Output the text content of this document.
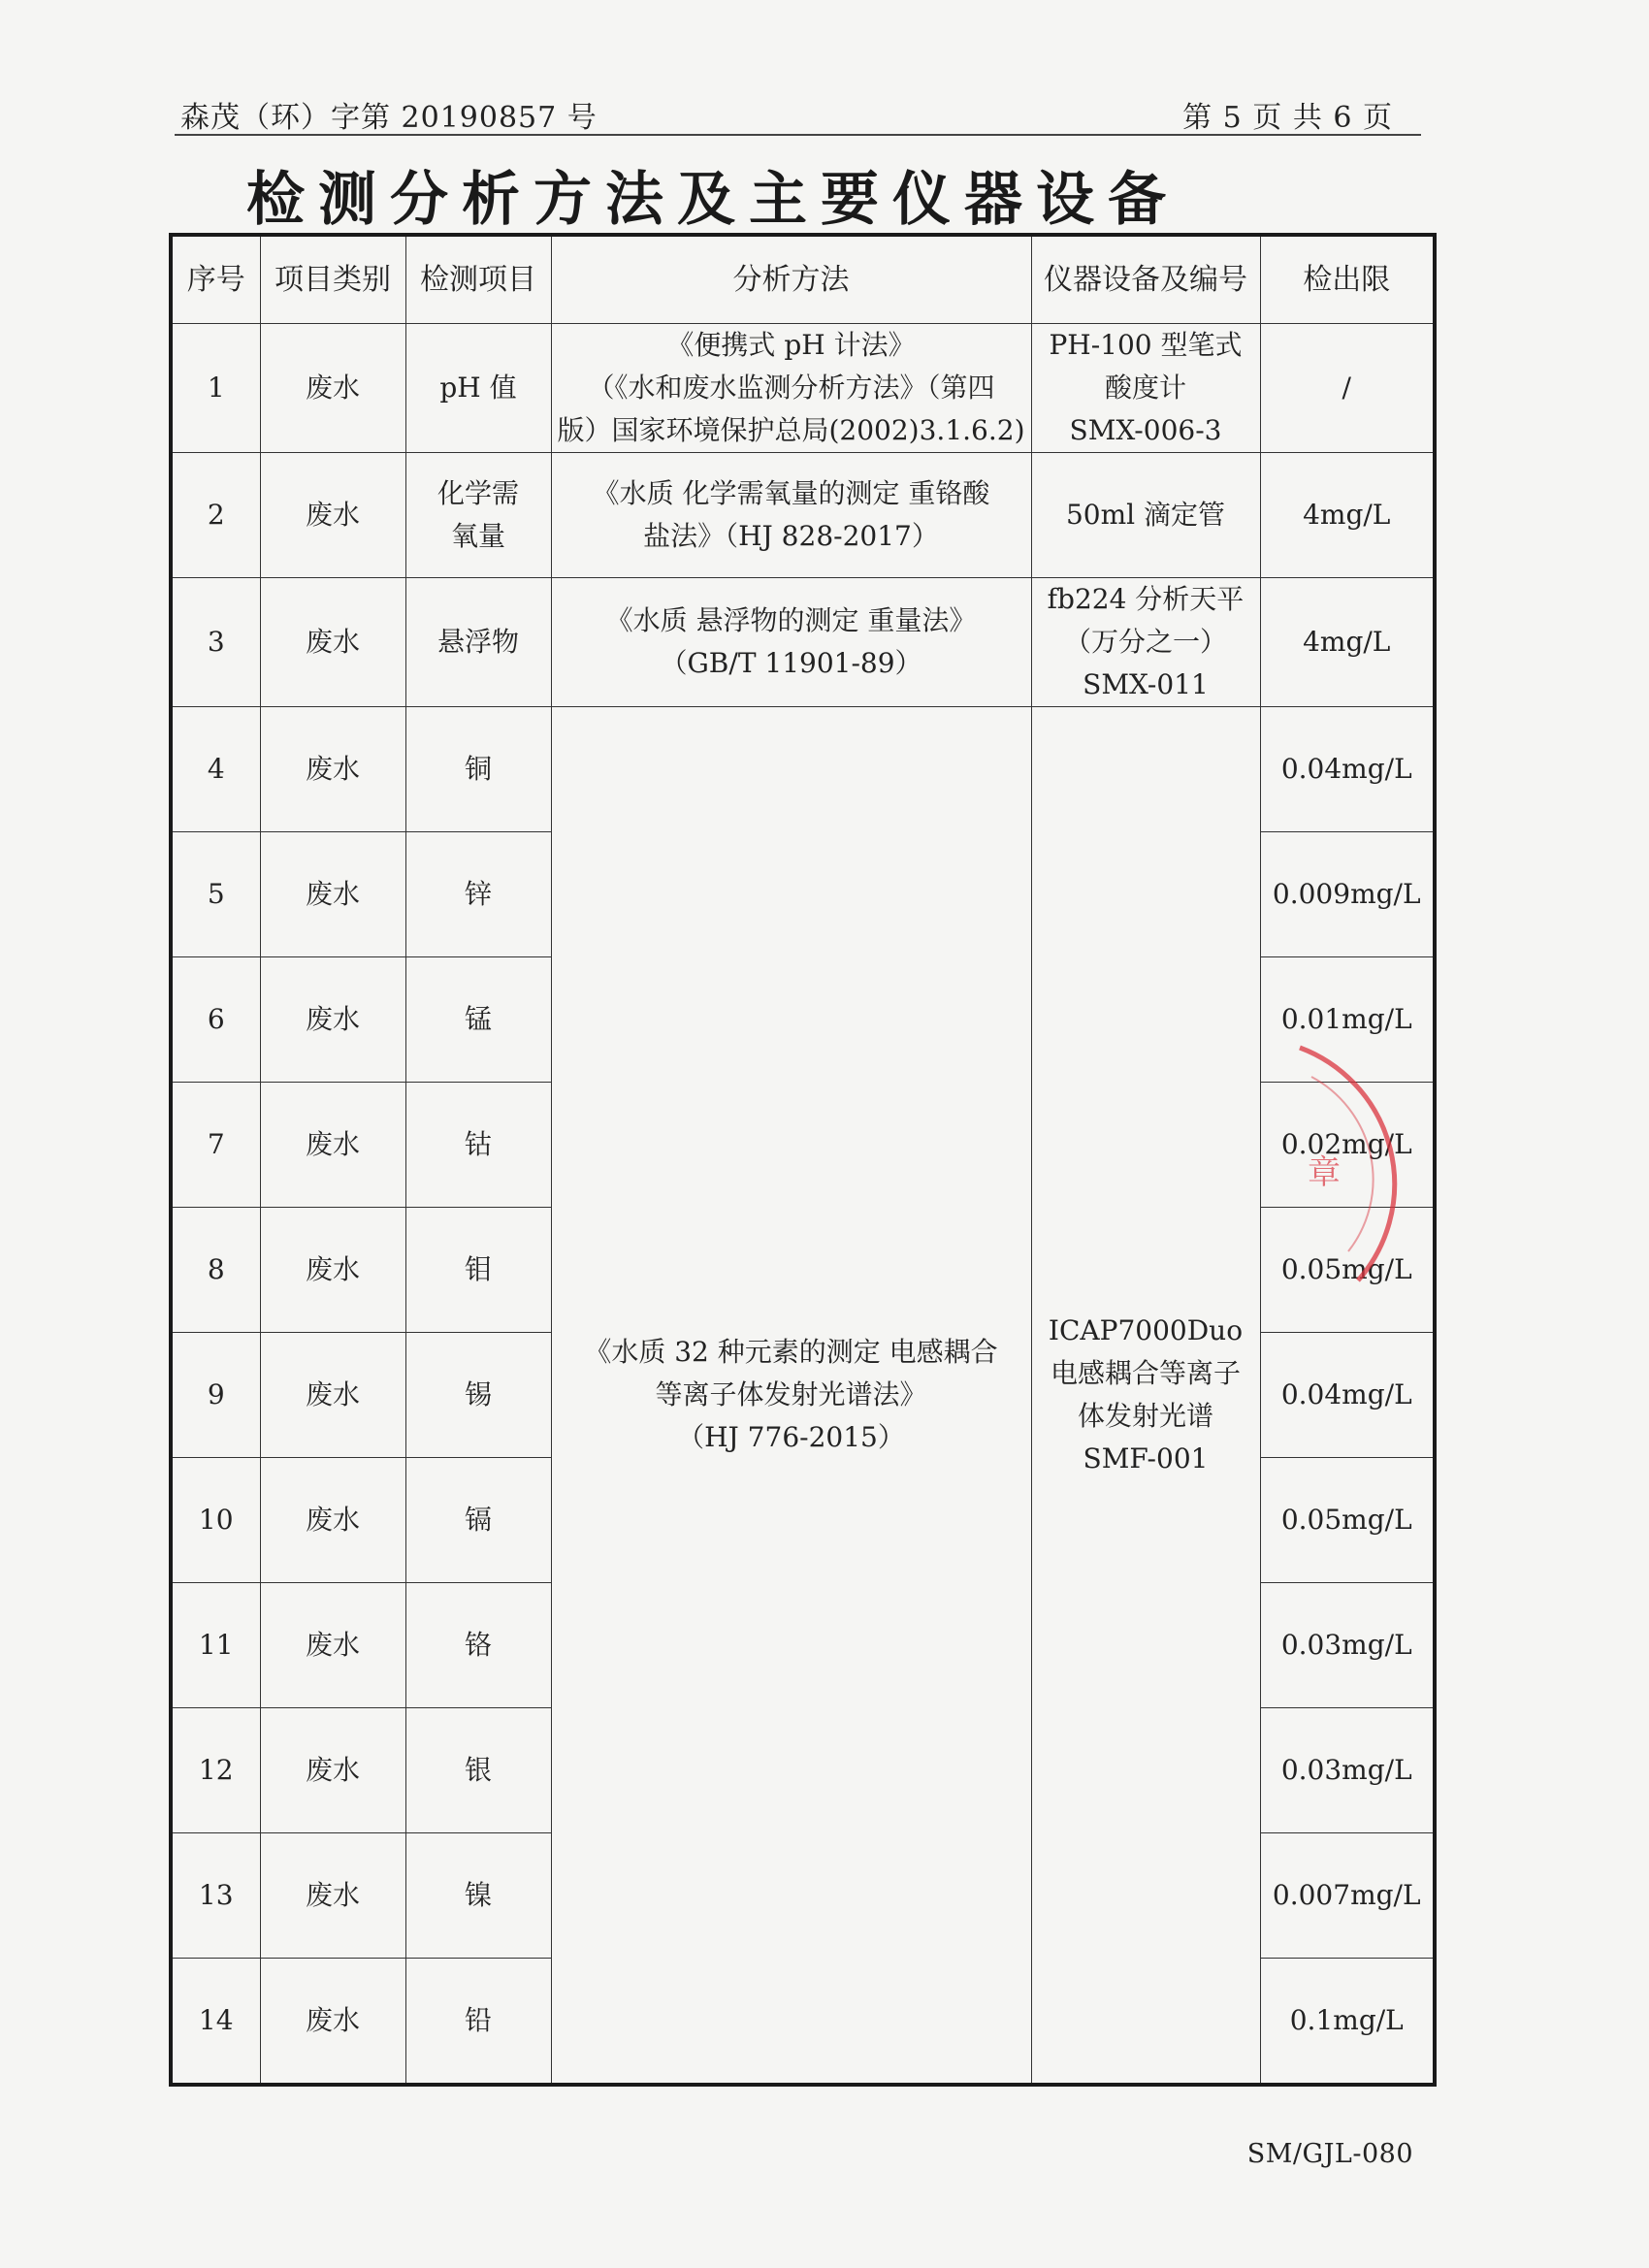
森茂（环）字第 20190857 号	第 5 页 共 6 页
检测分析方法及主要仪器设备
序号	项目类别	检测项目	分析方法	仪器设备及编号	检出限
1	废水	pH 值	《便携式 pH 计法》
（《水和废水监测分析方法》（第四
版）国家环境保护总局(2002)3.1.6.2)	PH-100 型笔式
酸度计
SMX-006-3	/
2	废水	化学需
氧量	《水质 化学需氧量的测定 重铬酸
盐法》（HJ 828-2017）	50ml 滴定管	4mg/L
3	废水	悬浮物	《水质 悬浮物的测定 重量法》
（GB/T 11901-89）	fb224 分析天平
（万分之一）
SMX-011	4mg/L
4	废水	铜	《水质 32 种元素的测定 电感耦合
等离子体发射光谱法》
（HJ 776-2015）	ICAP7000Duo
电感耦合等离子
体发射光谱
SMF-001	0.04mg/L
5	废水	锌			0.009mg/L
6	废水	锰			0.01mg/L
7	废水	钴			0.02mg/L
8	废水	钼			0.05mg/L
9	废水	锡			0.04mg/L
10	废水	镉			0.05mg/L
11	废水	铬			0.03mg/L
12	废水	银			0.03mg/L
13	废水	镍			0.007mg/L
14	废水	铅			0.1mg/L
SM/GJL-080
章
